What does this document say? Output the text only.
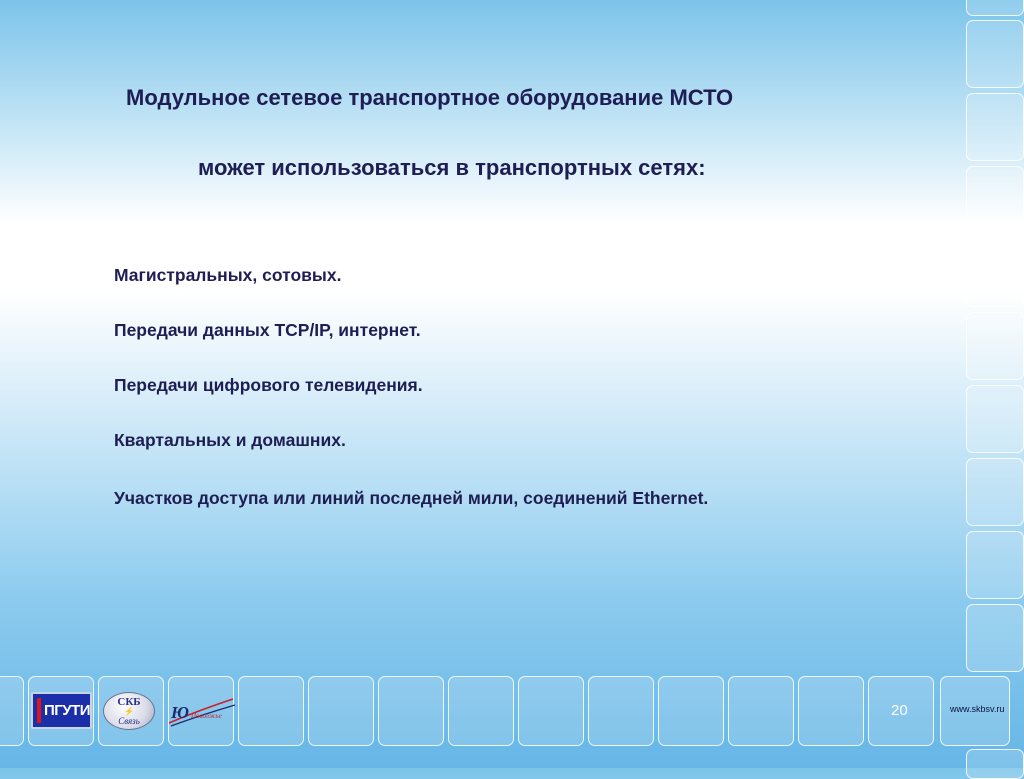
Модульное сетевое транспортное оборудование МСТО
может использоваться в транспортных сетях:

Магистральных, сотовых.

Передачи данных TCP/IP, интернет.

Передачи цифрового телевидения.

Квартальных и домашних.

Участков доступа или линий последней мили, соединений Ethernet.

ПГУТИ	СКБ
⚡
Связь	Ю Поволжье	20	www.skbsv.ru
